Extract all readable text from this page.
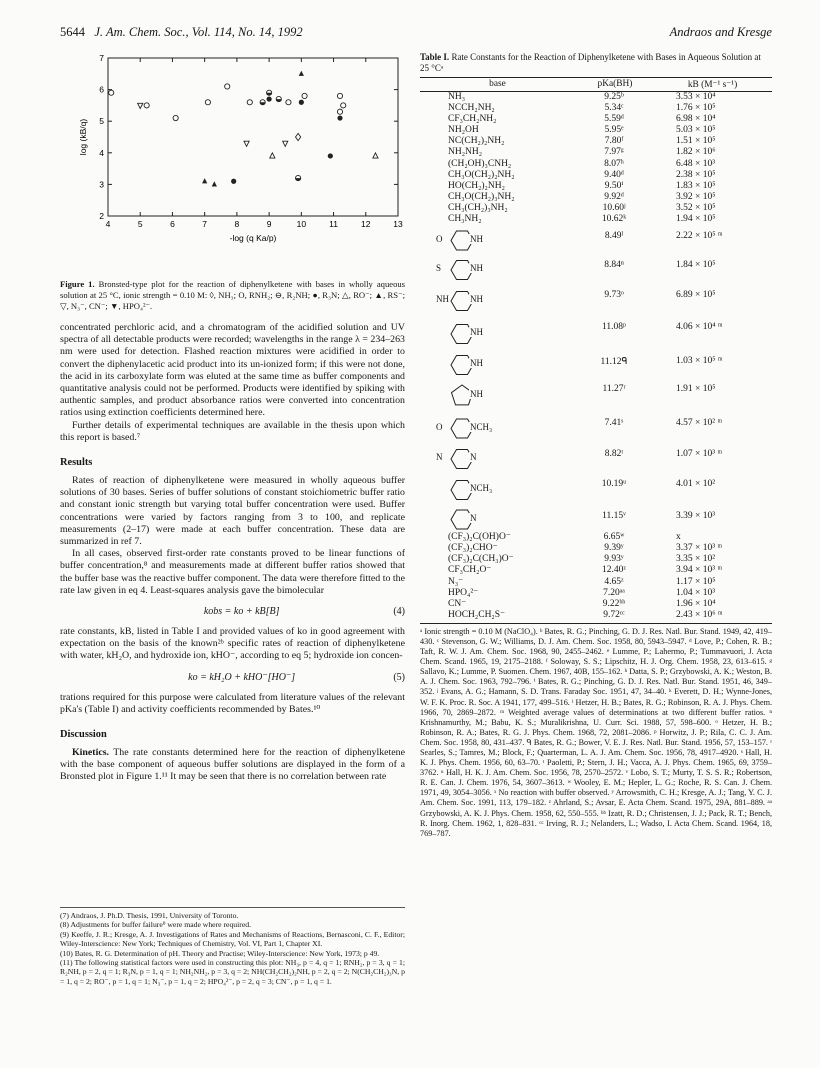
5644 J. Am. Chem. Soc., Vol. 114, No. 14, 1992	Andraos and Kresge
4	5	6	7	8	9	10	11	12	13
2
3
4
5
6
7
-log (q Ka/p)
log (kB/q)
Figure 1. Bronsted-type plot for the reaction of diphenylketene with bases in wholly aqueous solution at 25 °C, ionic strength = 0.10 M: ◊, NH₃; O, RNH₂; ⊖, R₂NH; ●, R₃N; △, RO⁻; ▲, RS⁻; ▽, N₃⁻, CN⁻; ▼, HPO₄²⁻.

concentrated perchloric acid, and a chromatogram of the acidified solution and UV spectra of all detectable products were recorded; wavelengths in the range λ = 234–263 nm were used for detection. Flashed reaction mixtures were acidified in order to convert the diphenylacetic acid product into its un-ionized form; if this were not done, the acid in its carboxylate form was eluted at the same time as buffer components and quantitative analysis could not be performed. Products were identified by spiking with authentic samples, and product absorbance ratios were converted into concentration ratios using extinction coefficients determined here.

Further details of experimental techniques are available in the thesis upon which this report is based.⁷

Results

Rates of reaction of diphenylketene were measured in wholly aqueous buffer solutions of 30 bases. Series of buffer solutions of constant stoichiometric buffer ratio and constant ionic strength but varying total buffer concentration were used. Buffer concentrations were varied by factors ranging from 3 to 100, and replicate measurements (2–17) were made at each buffer concentration. These data are summarized in ref 7.

In all cases, observed first-order rate constants proved to be linear functions of buffer concentration,⁸ and measurements made at different buffer ratios showed that the buffer base was the reactive buffer component. The data were therefore fitted to the rate law given in eq 4. Least-squares analysis gave the bimolecular

kobs = ko + kB[B]	(4)

rate constants, kB, listed in Table I and provided values of ko in good agreement with expectation on the basis of the known²ᵇ specific rates of reaction of diphenylketene with water, kH₂O, and hydroxide ion, kHO⁻, according to eq 5; hydroxide ion concen-

ko = kH₂O + kHO⁻[HO⁻]	(5)

trations required for this purpose were calculated from literature values of the relevant pKa's (Table I) and activity coefficients recommended by Bates.¹⁰

Discussion

Kinetics. The rate constants determined here for the reaction of diphenylketene with the base component of aqueous buffer solutions are displayed in the form of a Bronsted plot in Figure 1.¹¹ It may be seen that there is no correlation between rate

(7) Andraos, J. Ph.D. Thesis, 1991, University of Toronto.
(8) Adjustments for buffer failure⁹ were made where required.
(9) Keeffe, J. R.; Kresge, A. J. Investigations of Rates and Mechanisms of Reactions, Bernasconi, C. F., Editor; Wiley-Interscience: New York; Techniques of Chemistry, Vol. VI, Part 1, Chapter XI.
(10) Bates, R. G. Determination of pH. Theory and Practise; Wiley-Interscience: New York, 1973; p 49.
(11) The following statistical factors were used in constructing this plot: NH₃, p = 4, q = 1; RNH₂, p = 3, q = 1; R₂NH, p = 2, q = 1; R₃N, p = 1, q = 1; NH₂NH₂, p = 3, q = 2; NH(CH₂CH₂)₂NH, p = 2, q = 2; N(CH₂CH₂)₃N, p = 1, q = 2; RO⁻, p = 1, q = 1; N₃⁻, p = 1, q = 2; HPO₄²⁻, p = 2, q = 3; CN⁻, p = 1, q = 1.
Table I. Rate Constants for the Reaction of Diphenylketene with Bases in Aqueous Solution at 25 °Cᵃ
base	pKa(BH)	kB (M⁻¹ s⁻¹)
NH₃	9.25ᵇ	3.53 × 10⁴
NCCH₂NH₂	5.34ᶜ	1.76 × 10⁵
CF₃CH₂NH₂	5.59ᵈ	6.98 × 10⁴
NH₂OH	5.95ᵉ	5.03 × 10⁵
NC(CH₂)₂NH₂	7.80ᶠ	1.51 × 10⁵
NH₂NH₂	7.97ᵍ	1.82 × 10⁶
(CH₂OH)₃CNH₂	8.07ʰ	6.48 × 10³
CH₃O(CH₂)₂NH₂	9.40ᵈ	2.38 × 10⁵
HO(CH₂)₂NH₂	9.50ⁱ	1.83 × 10⁵
CH₃O(CH₂)₃NH₂	9.92ᵈ	3.92 × 10⁵
CH₃(CH₂)₃NH₂	10.60ʲ	3.52 × 10⁵
CH₃NH₂	10.62ᵏ	1.94 × 10⁵
O	NH	8.49ˡ	2.22 × 10⁵ ᵐ
S	NH	8.84ⁿ	1.84 × 10⁵
NH NH	9.73ᵒ	6.89 × 10⁵
NH	11.08ᵖ	4.06 × 10⁴ ᵐ
NH	11.12ᑫ	1.03 × 10⁵ ᵐ
NH	11.27ʳ	1.91 × 10⁵
O	NCH₃	7.41ˢ	4.57 × 10² ᵐ
N	N	8.82ᵗ	1.07 × 10³ ᵐ
NCH₃	10.19ᵘ	4.01 × 10²
N	11.15ᵛ	3.39 × 10³
(CF₃)₂C(OH)O⁻	6.65ʷ	x
(CF₃)₂CHO⁻	9.39ʸ	3.37 × 10³ ᵐ
(CF₃)₂C(CH₃)O⁻	9.93ʸ	3.35 × 10²
CF₃CH₂O⁻	12.40ᶻ	3.94 × 10³ ᵐ
N₃⁻	4.65ᶻ	1.17 × 10⁵
HPO₄²⁻	7.20ᵃᵃ	1.04 × 10³
CN⁻	9.22ᵇᵇ	1.96 × 10⁴
HOCH₂CH₂S⁻	9.72ᶜᶜ	2.43 × 10⁶ ᵐ
ᵃ Ionic strength = 0.10 M (NaClO₄). ᵇ Bates, R. G.; Pinching, G. D. J. Res. Natl. Bur. Stand. 1949, 42, 419–430. ᶜ Stevenson, G. W.; Williams, D. J. Am. Chem. Soc. 1958, 80, 5943–5947. ᵈ Love, P.; Cohen, R. B.; Taft, R. W. J. Am. Chem. Soc. 1968, 90, 2455–2462. ᵉ Lumme, P.; Lahermo, P.; Tummavuori, J. Acta Chem. Scand. 1965, 19, 2175–2188. ᶠ Soloway, S. S.; Lipschitz, H. J. Org. Chem. 1958, 23, 613–615. ᵍ Sallavo, K.; Lumme, P. Suomen. Chem. 1967, 40B, 155–162. ʰ Datta, S. P.; Grzybowski, A. K.; Weston, B. A. J. Chem. Soc. 1963, 792–796. ⁱ Bates, R. G.; Pinching, G. D. J. Res. Natl. Bur. Stand. 1951, 46, 349–352. ʲ Evans, A. G.; Hamann, S. D. Trans. Faraday Soc. 1951, 47, 34–40. ᵏ Everett, D. H.; Wynne-Jones, W. F. K. Proc. R. Soc. A 1941, 177, 499–516. ˡ Hetzer, H. B.; Bates, R. G.; Robinson, R. A. J. Phys. Chem. 1966, 70, 2869–2872. ᵐ Weighted average values of determinations at two different buffer ratios. ⁿ Krishnamurthy, M.; Babu, K. S.; Muralikrishna, U. Curr. Sci. 1988, 57, 598–600. ᵒ Hetzer, H. B.; Robinson, R. A.; Bates, R. G. J. Phys. Chem. 1968, 72, 2081–2086. ᵖ Horwitz, J. P.; Rila, C. C. J. Am. Chem. Soc. 1958, 80, 431–437. ᑫ Bates, R. G.; Bower, V. E. J. Res. Natl. Bur. Stand. 1956, 57, 153–157. ʳ Searles, S.; Tamres, M.; Block, F.; Quarterman, L. A. J. Am. Chem. Soc. 1956, 78, 4917–4920. ˢ Hall, H. K. J. Phys. Chem. 1956, 60, 63–70. ᵗ Paoletti, P.; Stern, J. H.; Vacca, A. J. Phys. Chem. 1965, 69, 3759–3762. ᵘ Hall, H. K. J. Am. Chem. Soc. 1956, 78, 2570–2572. ᵛ Lobo, S. T.; Murty, T. S. S. R.; Robertson, R. E. Can. J. Chem. 1976, 54, 3607–3613. ʷ Wooley, E. M.; Hepler, L. G.; Roche, R. S. Can. J. Chem. 1971, 49, 3054–3056. ˣ No reaction with buffer observed. ʸ Arrowsmith, C. H.; Kresge, A. J.; Tang, Y. C. J. Am. Chem. Soc. 1991, 113, 179–182. ᶻ Ahrland, S.; Avsar, E. Acta Chem. Scand. 1975, 29A, 881–889. ᵃᵃ Grzybowski, A. K. J. Phys. Chem. 1958, 62, 550–555. ᵇᵇ Izatt, R. D.; Christensen, J. J.; Pack, R. T.; Bench, R. Inorg. Chem. 1962, 1, 828–831. ᶜᶜ Irving, R. J.; Nelanders, L.; Wadso, I. Acta Chem. Scand. 1964, 18, 769–787.
